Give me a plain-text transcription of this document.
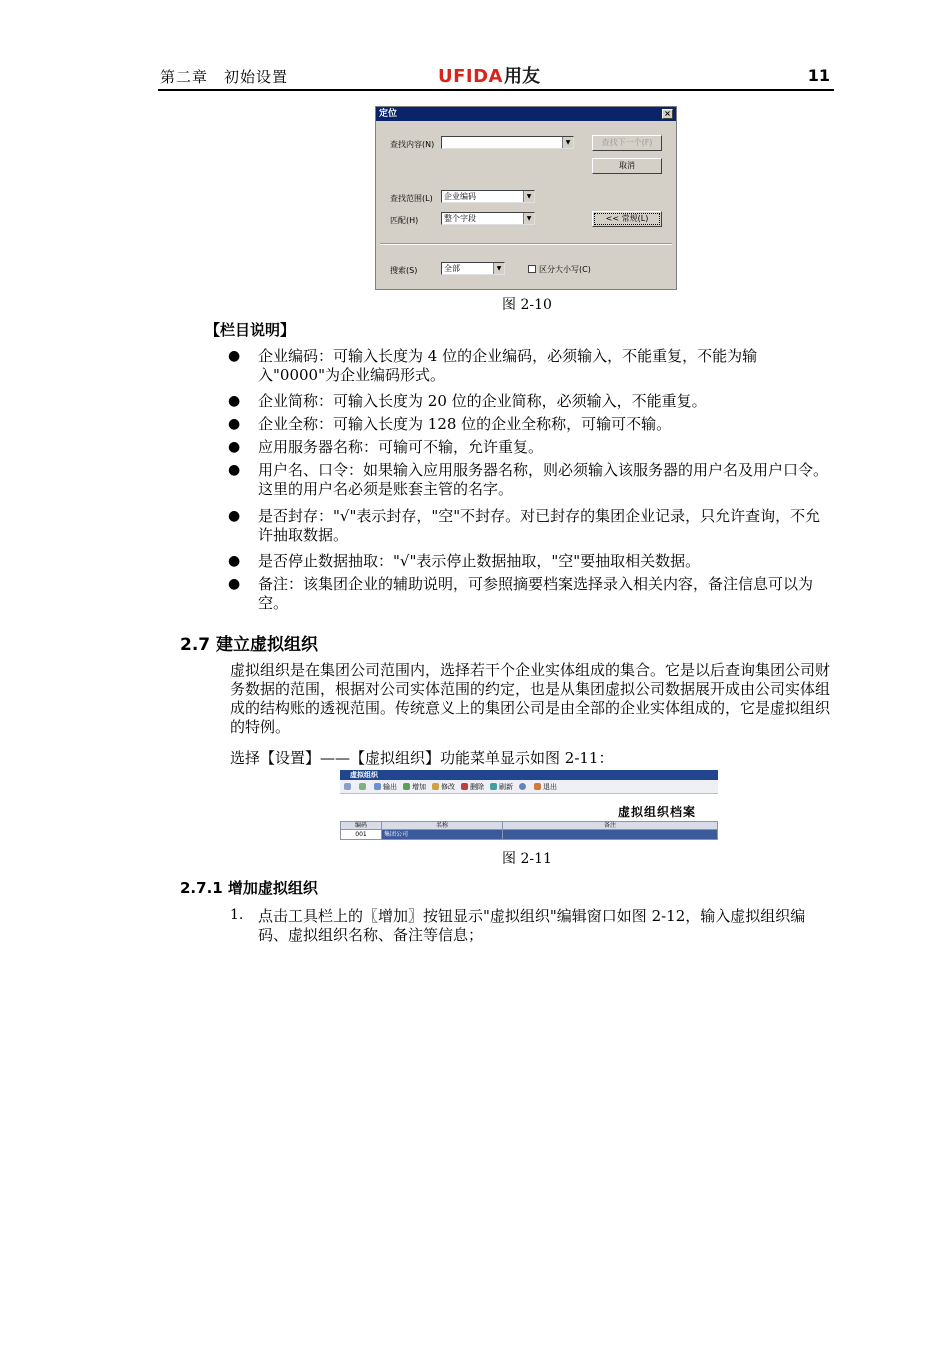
第二章　初始设置	UFIDA用友	11
定位	×
查找内容(N)	▼	查找下一个(F)
取消
查找范围(L)	企业编码	▼
匹配(H)	整个字段	▼	<< 常规(L)
搜索(S)	全部	▼	区分大小写(C)
图 2-10
【栏目说明】
●	企业编码：可输入长度为 4 位的企业编码，必须输入，不能重复，不能为输入"0000"为企业编码形式。
●	企业简称：可输入长度为 20 位的企业简称，必须输入，不能重复。
●	企业全称：可输入长度为 128 位的企业全称称，可输可不输。
●	应用服务器名称：可输可不输，允许重复。
●	用户名、口令：如果输入应用服务器名称，则必须输入该服务器的用户名及用户口令。这里的用户名必须是账套主管的名字。
●	是否封存："√"表示封存，"空"不封存。对已封存的集团企业记录，只允许查询，不允许抽取数据。
●	是否停止数据抽取："√"表示停止数据抽取，"空"要抽取相关数据。
●	备注：该集团企业的辅助说明，可参照摘要档案选择录入相关内容，备注信息可以为空。
2.7 建立虚拟组织

虚拟组织是在集团公司范围内，选择若干个企业实体组成的集合。它是以后查询集团公司财务数据的范围，根据对公司实体范围的约定，也是从集团虚拟公司数据展开成由公司实体组成的结构账的透视范围。传统意义上的集团公司是由全部的企业实体组成的，它是虚拟组织的特例。

选择【设置】——【虚拟组织】功能菜单显示如图 2-11：
虚拟组织
输出 增加 修改 删除 刷新	退出
虚拟组织档案
编码	名称	备注
001	集团公司	
图 2-11
2.7.1 增加虚拟组织
1. 点击工具栏上的〖增加〗按钮显示"虚拟组织"编辑窗口如图 2-12，输入虚拟组织编码、虚拟组织名称、备注等信息；
